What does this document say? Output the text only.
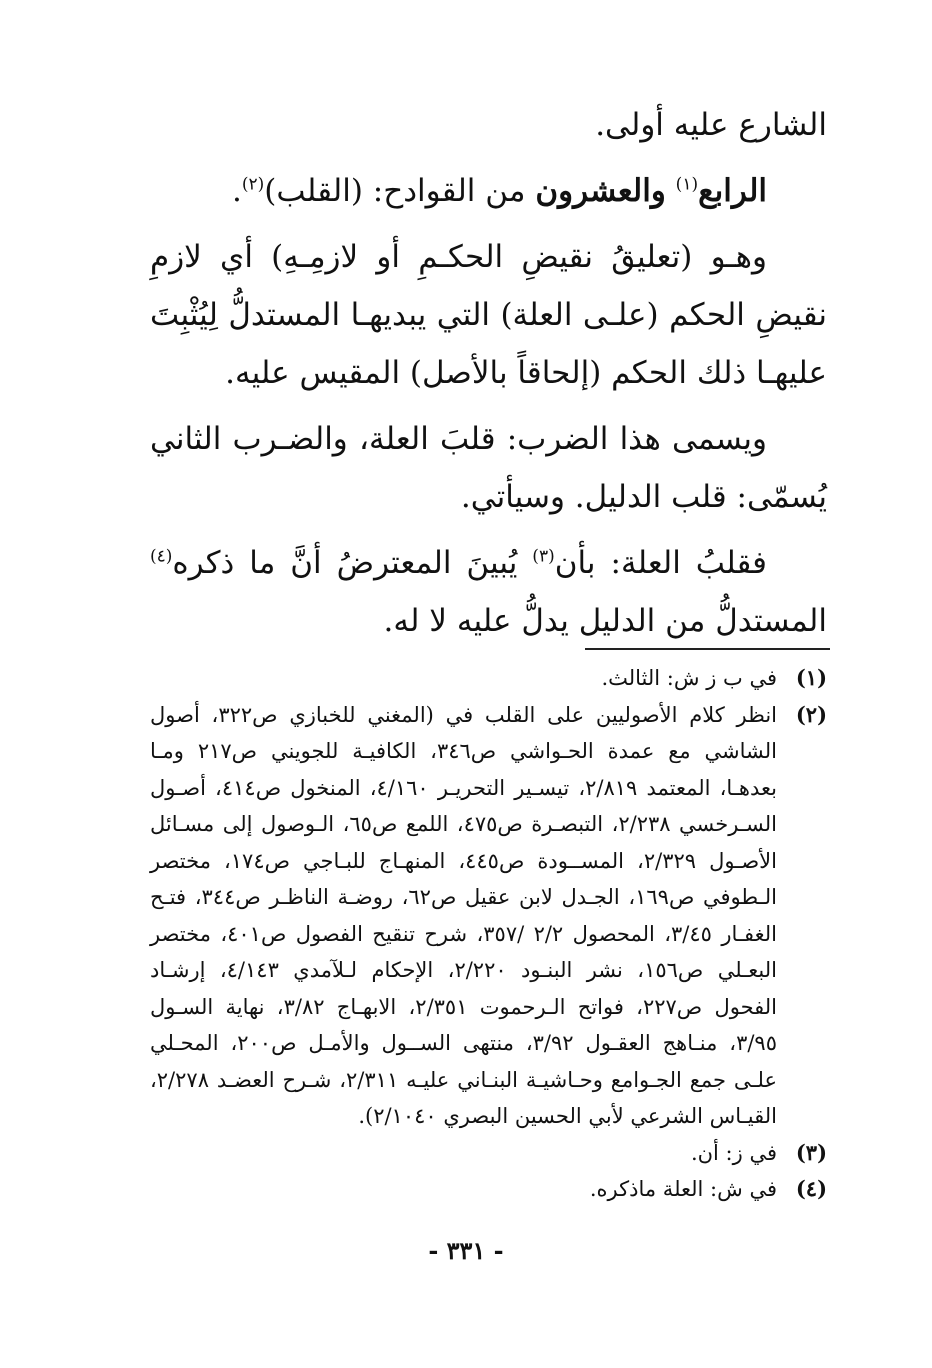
الشارع عليه أولى.

الرابع$^{(١)}$ والعشرون من القوادح: (القلب)$^{(٢)}$.

وهـو (تعليقُ نقيضِ الحكـمِ أو لازمِـهِ) أي لازمِ نقيضِ الحكم (علـى العلة) التي يبديهـا المستدلُّ لِيُثْبِتَ عليهـا ذلك الحكم (إلحاقاً بالأصل) المقيس عليه.

ويسمى هذا الضرب: قلبَ العلة، والضـرب الثاني يُسمّى: قلب الدليل. وسيأتي.

فقلبُ العلة: بأن$^{(٣)}$ يُبينَ المعترضُ أنَّ ما ذكره$^{(٤)}$ المستدلُّ من الدليل يدلُّ عليه لا له.

(١)
في ب ز ش: الثالث.
(٢)
انظر كلام الأصوليين على القلب في (المغني للخبازي ص٣٢٢، أصول الشاشي مع عمدة الحـواشي ص٣٤٦، الكافيـة للجويني ص٢١٧ ومـا بعدهـا، المعتمد ٢/٨١٩، تيسـير التحريـر ٤/١٦٠، المنخول ص٤١٤، أصـول السـرخسي ٢/٢٣٨، التبصـرة ص٤٧٥، اللمع ص٦٥، الـوصول إلى مسـائل الأصـول ٢/٣٢٩، المســودة ص٤٤٥، المنهـاج للبـاجي ص١٧٤، مختصر الـطوفي ص١٦٩، الجـدل لابن عقيل ص٦٢، روضـة الناظـر ص٣٤٤، فتـح الغفـار ٣/٤٥، المحصول ٢/٢ /٣٥٧، شرح تنقيح الفصول ص٤٠١، مختصر البعـلي ص١٥٦، نشر البنـود ٢/٢٢٠، الإحكام لـلآمدي ٤/١٤٣، إرشـاد الفحول ص٢٢٧، فواتح الـرحموت ٢/٣٥١، الابهـاج ٣/٨٢، نهاية السـول ٣/٩٥، منـاهج العقـول ٣/٩٢، منتهى الســول والأمـل ص٢٠٠، المحـلي علـى جمع الجـوامع وحـاشيـة البنـاني عليـه ٢/٣١١، شـرح العضـد ٢/٢٧٨، القيـاس الشرعي لأبي الحسين البصري ٢/١٠٤٠).
(٣)
في ز: أن.
(٤)
في ش: العلة ماذكره.
- ٣٣١ -
